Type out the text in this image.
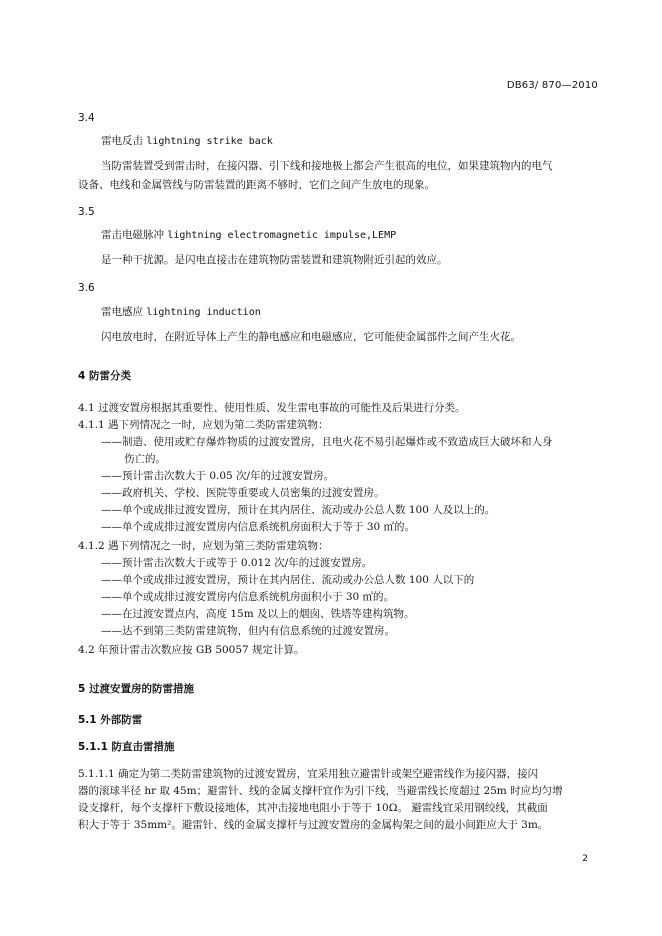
DB63/ 870—2010
3.4
雷电反击 lightning strike back
当防雷装置受到雷击时，在接闪器、引下线和接地极上都会产生很高的电位，如果建筑物内的电气
设备、电线和金属管线与防雷装置的距离不够时，它们之间产生放电的现象。
3.5
雷击电磁脉冲 lightning electromagnetic impulse,LEMP
是一种干扰源。是闪电直接击在建筑物防雷装置和建筑物附近引起的效应。
3.6
雷电感应 lightning induction
闪电放电时，在附近导体上产生的静电感应和电磁感应，它可能使金属部件之间产生火花。
4 防雷分类
4.1 过渡安置房根据其重要性、使用性质、发生雷电事故的可能性及后果进行分类。
4.1.1 遇下列情况之一时，应划为第二类防雷建筑物：
——制造、使用或贮存爆炸物质的过渡安置房，且电火花不易引起爆炸或不致造成巨大破坏和人身
伤亡的。
——预计雷击次数大于 0.05 次/年的过渡安置房。
——政府机关、学校、医院等重要或人员密集的过渡安置房。
——单个或成排过渡安置房，预计在其内居住、流动或办公总人数 100 人及以上的。
——单个或成排过渡安置房内信息系统机房面积大于等于 30 ㎡的。
4.1.2 遇下列情况之一时，应划为第三类防雷建筑物：
——预计雷击次数大于或等于 0.012 次/年的过渡安置房。
——单个或成排过渡安置房，预计在其内居住、流动或办公总人数 100 人以下的
——单个或成排过渡安置房内信息系统机房面积小于 30 ㎡的。
——在过渡安置点内，高度 15m 及以上的烟囱、铁塔等建构筑物。
——达不到第三类防雷建筑物，但内有信息系统的过渡安置房。
4.2 年预计雷击次数应按 GB 50057 规定计算。
5 过渡安置房的防雷措施
5.1 外部防雷
5.1.1 防直击雷措施
5.1.1.1 确定为第二类防雷建筑物的过渡安置房，宜采用独立避雷针或架空避雷线作为接闪器，接闪
器的滚球半径 hr 取 45m；避雷针、线的金属支撑杆宜作为引下线，当避雷线长度超过 25m 时应均匀增
设支撑杆，每个支撑杆下敷设接地体，其冲击接地电阻小于等于 10Ω。 避雷线宜采用钢绞线，其截面
积大于等于 35mm²。避雷针、线的金属支撑杆与过渡安置房的金属构架之间的最小间距应大于 3m。
2
